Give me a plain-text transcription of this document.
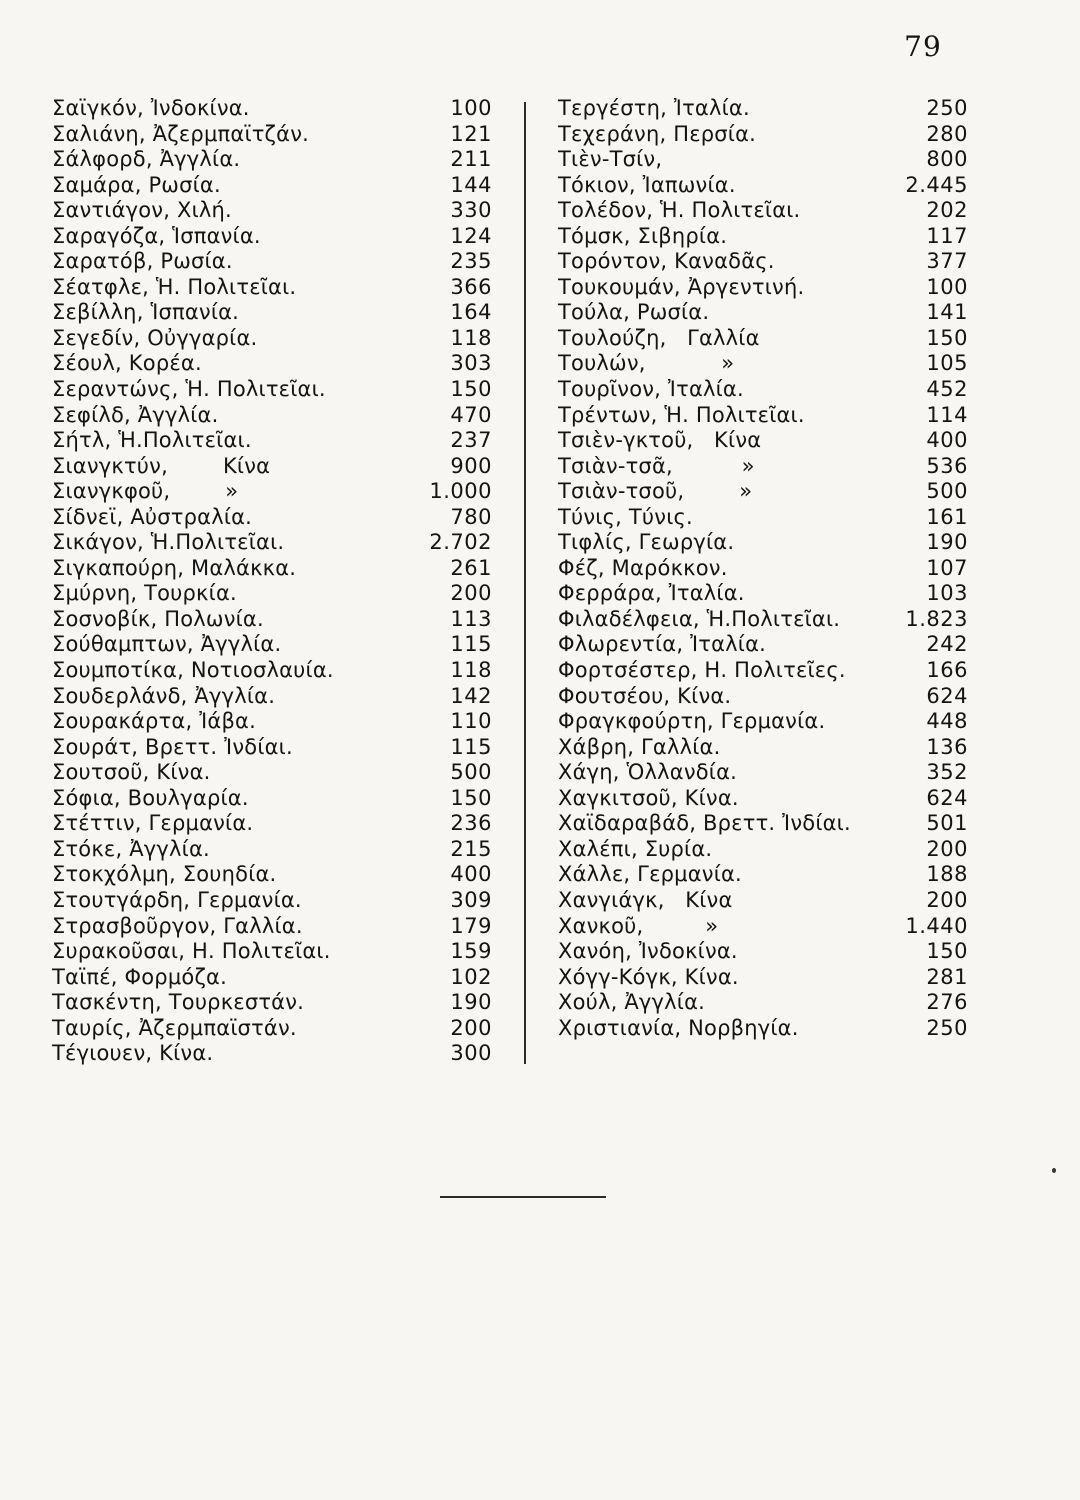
79
Σαϊγκόν, Ἰνδοκίνα.	100
Σαλιάνη, Ἀζερμπαϊτζάν.	121
Σάλφορδ, Ἀγγλία.	211
Σαμάρα, Ρωσία.	144
Σαντιάγον, Χιλή.	330
Σαραγόζα, Ἱσπανία.	124
Σαρατόβ, Ρωσία.	235
Σέατφλε, Ἡ. Πολιτεῖαι.	366
Σεβίλλη, Ἱσπανία.	164
Σεγεδίν, Οὐγγαρία.	118
Σέουλ, Κορέα.	303
Σεραντώνς, Ἡ. Πολιτεῖαι.	150
Σεφίλδ, Ἀγγλία.	470
Σήτλ, Ἡ.Πολιτεῖαι.	237
Σιανγκτύν,        Κίνα	900
Σιανγκφοῦ,        »	1.000
Σίδνεϊ, Αὐστραλία.	780
Σικάγον, Ἡ.Πολιτεῖαι.	2.702
Σιγκαπούρη, Μαλάκκα.	261
Σμύρνη, Τουρκία.	200
Σοσνοβίκ, Πολωνία.	113
Σούθαμπτων, Ἀγγλία.	115
Σουμποτίκα, Νοτιοσλαυία.	118
Σουδερλάνδ, Ἀγγλία.	142
Σουρακάρτα, Ἰάβα.	110
Σουράτ, Βρεττ. Ἰνδίαι.	115
Σουτσοῦ, Κίνα.	500
Σόφια, Βουλγαρία.	150
Στέττιν, Γερμανία.	236
Στόκε, Ἀγγλία.	215
Στοκχόλμη, Σουηδία.	400
Στουτγάρδη, Γερμανία.	309
Στρασβοῦργον, Γαλλία.	179
Συρακοῦσαι, Η. Πολιτεῖαι.	159
Ταϊπέ, Φορμόζα.	102
Τασκέντη, Τουρκεστάν.	190
Ταυρίς, Ἀζερμπαϊστάν.	200
Τέγιουεν, Κίνα.	300
Τεργέστη, Ἰταλία.	250
Τεχεράνη, Περσία.	280
Τιὲν-Τσίν,	800
Τόκιον, Ἰαπωνία.	2.445
Τολέδον, Ἡ. Πολιτεῖαι.	202
Τόμσκ, Σιβηρία.	117
Τορόντον, Καναδᾶς.	377
Τουκουμάν, Ἀργεντινή.	100
Τούλα, Ρωσία.	141
Τουλούζη,   Γαλλία	150
Τουλών,           »	105
Τουρῖνον, Ἰταλία.	452
Τρέντων, Ἡ. Πολιτεῖαι.	114
Τσιὲν-γκτοῦ,   Κίνα	400
Τσιὰν-τσᾶ,          »	536
Τσιὰν-τσοῦ,        »	500
Τύνις, Τύνις.	161
Τιφλίς, Γεωργία.	190
Φέζ, Μαρόκκον.	107
Φερράρα, Ἰταλία.	103
Φιλαδέλφεια, Ἡ.Πολιτεῖαι.	1.823
Φλωρεντία, Ἰταλία.	242
Φορτσέστερ, Η. Πολιτεῖες.	166
Φουτσέου, Κίνα.	624
Φραγκφούρτη, Γερμανία.	448
Χάβρη, Γαλλία.	136
Χάγη, Ὁλλανδία.	352
Χαγκιτσοῦ, Κίνα.	624
Χαϊδαραβάδ, Βρεττ. Ἰνδίαι.	501
Χαλέπι, Συρία.	200
Χάλλε, Γερμανία.	188
Χανγιάγκ,   Κίνα	200
Χανκοῦ,         »	1.440
Χανόη, Ἰνδοκίνα.	150
Χόγγ-Κόγκ, Κίνα.	281
Χούλ, Ἀγγλία.	276
Χριστιανία, Νορβηγία.	250
